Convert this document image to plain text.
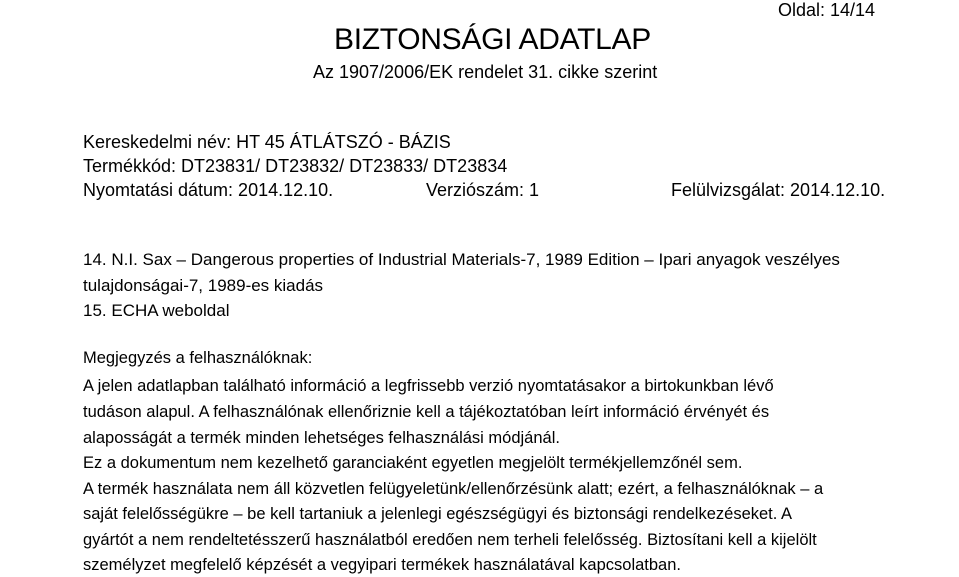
BIZTONSÁGI ADATLAP
Az 1907/2006/EK rendelet 31. cikke szerint
Oldal: 14/14
Kereskedelmi név: HT 45 ÁTLÁTSZÓ - BÁZIS
Termékkód: DT23831/ DT23832/ DT23833/ DT23834
Nyomtatási dátum: 2014.12.10.	Verziószám: 1	Felülvizsgálat: 2014.12.10.
14. N.I. Sax – Dangerous properties of Industrial Materials-7, 1989 Edition – Ipari anyagok veszélyes
tulajdonságai-7, 1989-es kiadás
15. ECHA weboldal
Megjegyzés a felhasználóknak:
A jelen adatlapban található információ a legfrissebb verzió nyomtatásakor a birtokunkban lévő
tudáson alapul. A felhasználónak ellenőriznie kell a tájékoztatóban leírt információ érvényét és
alaposságát a termék minden lehetséges felhasználási módjánál.
Ez a dokumentum nem kezelhető garanciaként egyetlen megjelölt termékjellemzőnél sem.
A termék használata nem áll közvetlen felügyeletünk/ellenőrzésünk alatt; ezért, a felhasználóknak – a
saját felelősségükre – be kell tartaniuk a jelenlegi egészségügyi és biztonsági rendelkezéseket. A
gyártót a nem rendeltetésszerű használatból eredően nem terheli felelősség. Biztosítani kell a kijelölt
személyzet megfelelő képzését a vegyipari termékek használatával kapcsolatban.
